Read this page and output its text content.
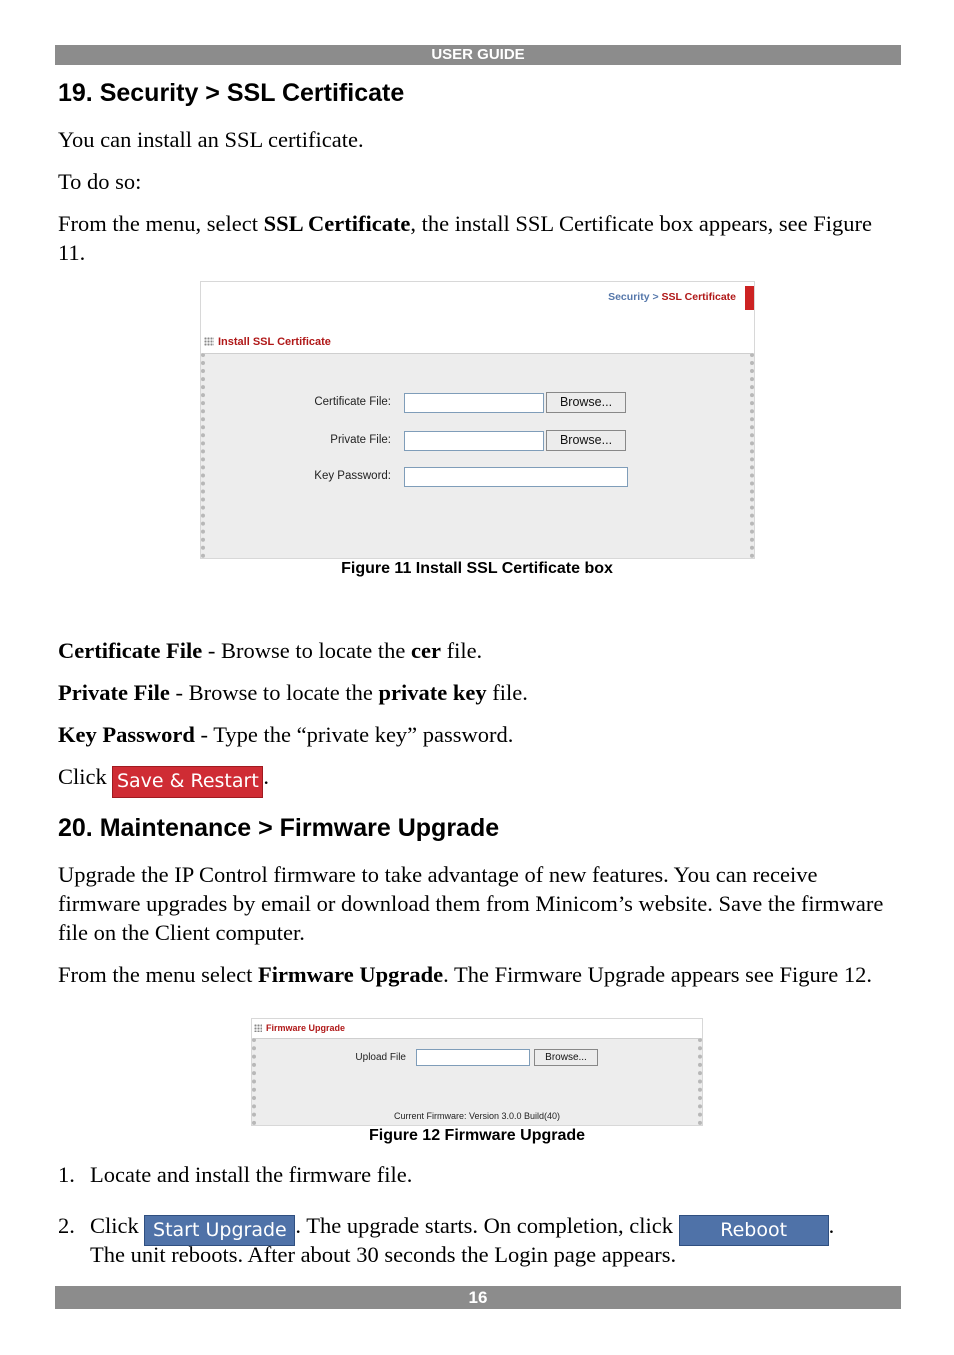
USER GUIDE
19. Security > SSL Certificate

You can install an SSL certificate.

To do so:

From the menu, select SSL Certificate, the install SSL Certificate box appears, see Figure 11.

Security > SSL Certificate
Install SSL Certificate
Certificate File:	Browse...
Private File:	Browse...
Key Password:
Figure 11 Install SSL Certificate box

Certificate File - Browse to locate the cer file.

Private File - Browse to locate the private key file.

Key Password - Type the “private key” password.

Click Save & Restart .

20. Maintenance > Firmware Upgrade

Upgrade the IP Control firmware to take advantage of new features. You can receive firmware upgrades by email or download them from Minicom’s website. Save the firmware file on the Client computer.

From the menu select Firmware Upgrade. The Firmware Upgrade appears see Figure 12.

Firmware Upgrade
Upload File	Browse...
Current Firmware: Version 3.0.0 Build(40)
Figure 12 Firmware Upgrade
1. Locate and install the firmware file.
2. Click Start Upgrade . The upgrade starts. On completion, click Reboot .
The unit reboots. After about 30 seconds the Login page appears.
16
